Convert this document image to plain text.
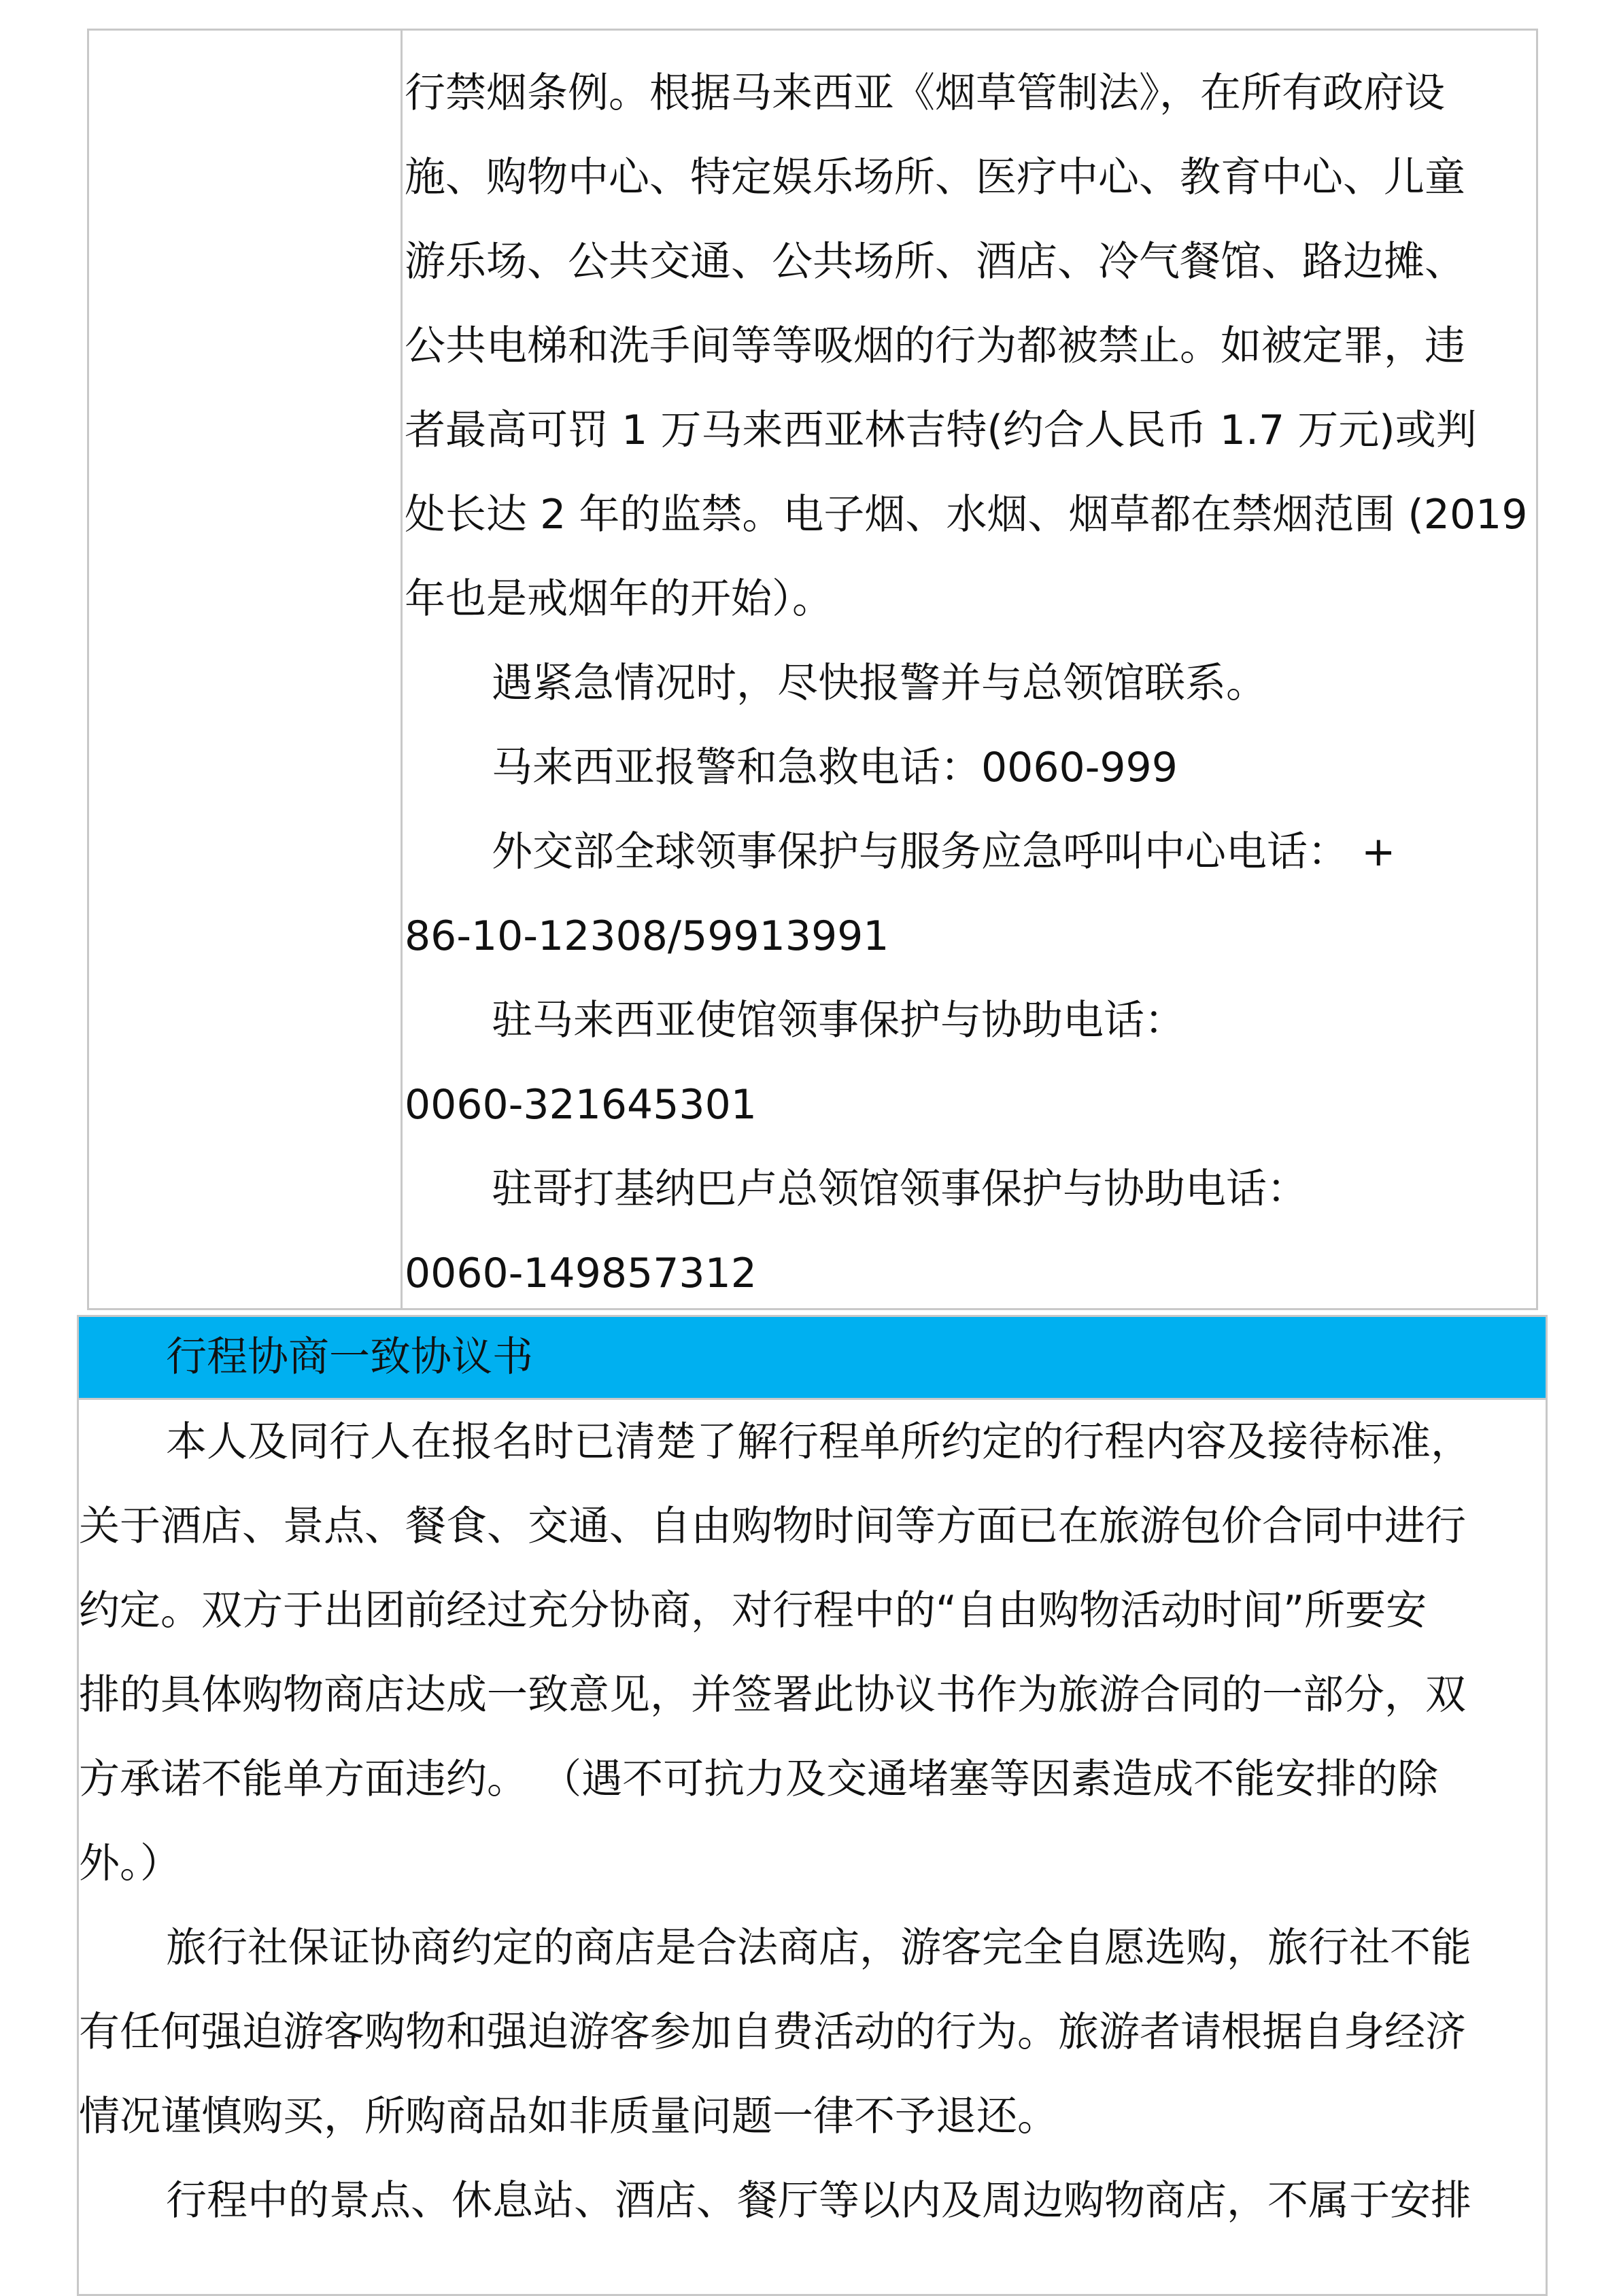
行禁烟条例。根据马来西亚《烟草管制法》，在所有政府设
施、购物中心、特定娱乐场所、医疗中心、教育中心、儿童
游乐场、公共交通、公共场所、酒店、冷气餐馆、路边摊、
公共电梯和洗手间等等吸烟的行为都被禁止。如被定罪，违
者最高可罚 1 万马来西亚林吉特(约合人民币 1.7 万元)或判
处长达 2 年的监禁。电子烟、水烟、烟草都在禁烟范围 (2019
年也是戒烟年的开始）。
遇紧急情况时，尽快报警并与总领馆联系。
马来西亚报警和急救电话：0060-999
外交部全球领事保护与服务应急呼叫中心电话： +
86-10-12308/59913991
驻马来西亚使馆领事保护与协助电话：
0060-321645301
驻哥打基纳巴卢总领馆领事保护与协助电话：
0060-149857312
行程协商一致协议书
本人及同行人在报名时已清楚了解行程单所约定的行程内容及接待标准，
关于酒店、景点、餐食、交通、自由购物时间等方面已在旅游包价合同中进行
约定。双方于出团前经过充分协商，对行程中的“自由购物活动时间”所要安
排的具体购物商店达成一致意见，并签署此协议书作为旅游合同的一部分，双
方承诺不能单方面违约。 （遇不可抗力及交通堵塞等因素造成不能安排的除
外。）
旅行社保证协商约定的商店是合法商店，游客完全自愿选购，旅行社不能
有任何强迫游客购物和强迫游客参加自费活动的行为。旅游者请根据自身经济
情况谨慎购买，所购商品如非质量问题一律不予退还。
行程中的景点、休息站、酒店、餐厅等以内及周边购物商店，不属于安排
